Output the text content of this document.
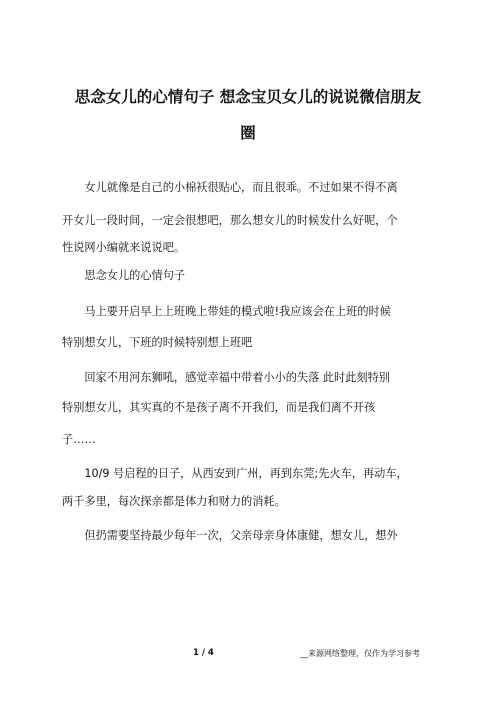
思念女儿的心情句子 想念宝贝女儿的说说微信朋友
圈
　　女儿就像是自己的小棉袄很贴心，而且很乖。不过如果不得不离
开女儿一段时间，一定会很想吧，那么想女儿的时候发什么好呢，个
性说网小编就来说说吧。
　　思念女儿的心情句子
　　马上要开启早上上班晚上带娃的模式啦!我应该会在上班的时候
特别想女儿，下班的时候特别想上班吧
　　回家不用河东狮吼，感觉幸福中带着小小的失落 此时此刻特别
特别想女儿，其实真的不是孩子离不开我们，而是我们离不开孩
子……
　　10/9 号启程的日子，从西安到广州，再到东莞;先火车，再动车，
两千多里，每次探亲都是体力和财力的消耗。
　　但扔需要坚持最少每年一次，父亲母亲身体康健，想女儿，想外
1 / 4	__来源网络整理，仅作为学习参考
